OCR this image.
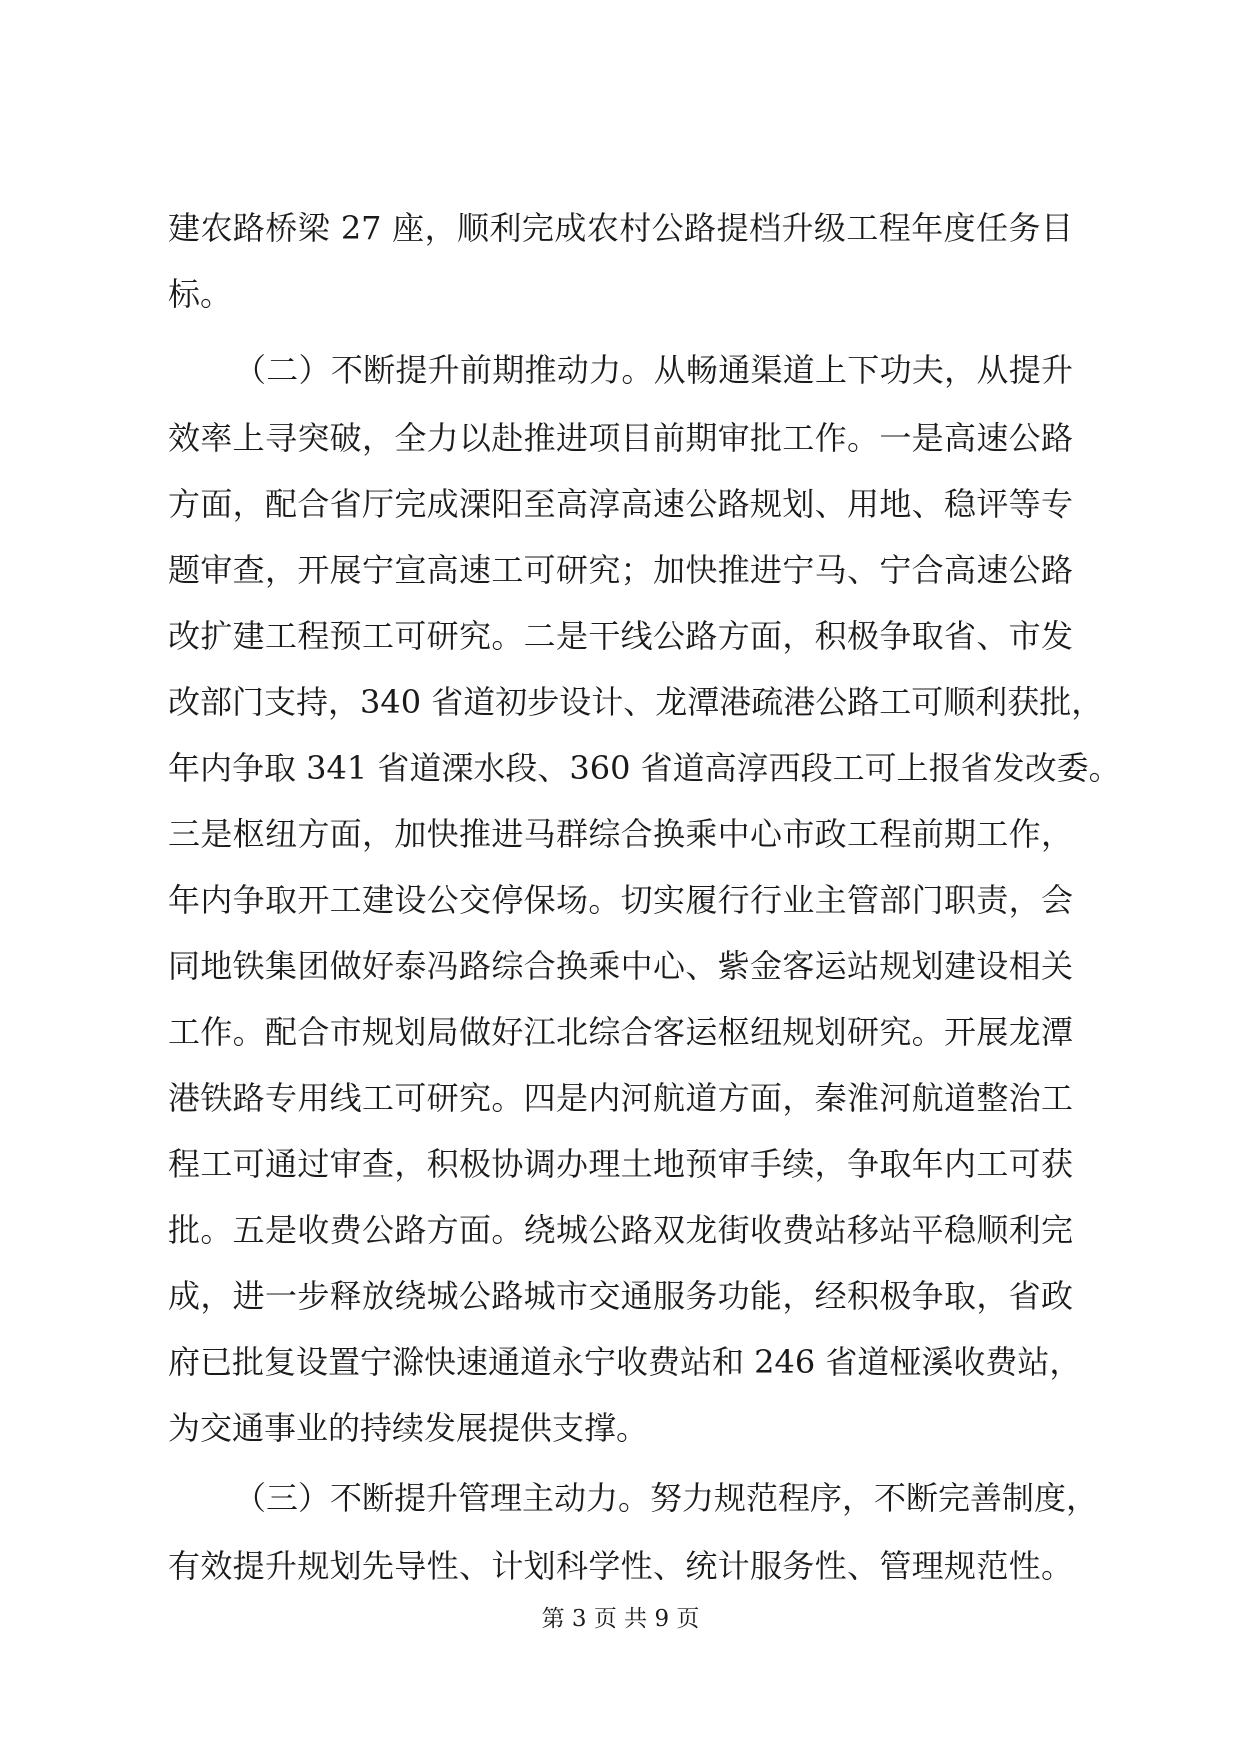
建农路桥梁 27 座，顺利完成农村公路提档升级工程年度任务目
标。
（二）不断提升前期推动力。从畅通渠道上下功夫，从提升
效率上寻突破，全力以赴推进项目前期审批工作。一是高速公路
方面，配合省厅完成溧阳至高淳高速公路规划、用地、稳评等专
题审查，开展宁宣高速工可研究；加快推进宁马、宁合高速公路
改扩建工程预工可研究。二是干线公路方面，积极争取省、市发
改部门支持，340 省道初步设计、龙潭港疏港公路工可顺利获批，
年内争取 341 省道溧水段、360 省道高淳西段工可上报省发改委。
三是枢纽方面，加快推进马群综合换乘中心市政工程前期工作，
年内争取开工建设公交停保场。切实履行行业主管部门职责，会
同地铁集团做好泰冯路综合换乘中心、紫金客运站规划建设相关
工作。配合市规划局做好江北综合客运枢纽规划研究。开展龙潭
港铁路专用线工可研究。四是内河航道方面，秦淮河航道整治工
程工可通过审查，积极协调办理土地预审手续，争取年内工可获
批。五是收费公路方面。绕城公路双龙街收费站移站平稳顺利完
成，进一步释放绕城公路城市交通服务功能，经积极争取，省政
府已批复设置宁滁快速通道永宁收费站和 246 省道桠溪收费站，
为交通事业的持续发展提供支撑。
（三）不断提升管理主动力。努力规范程序，不断完善制度，
有效提升规划先导性、计划科学性、统计服务性、管理规范性。
第 3 页 共 9 页
